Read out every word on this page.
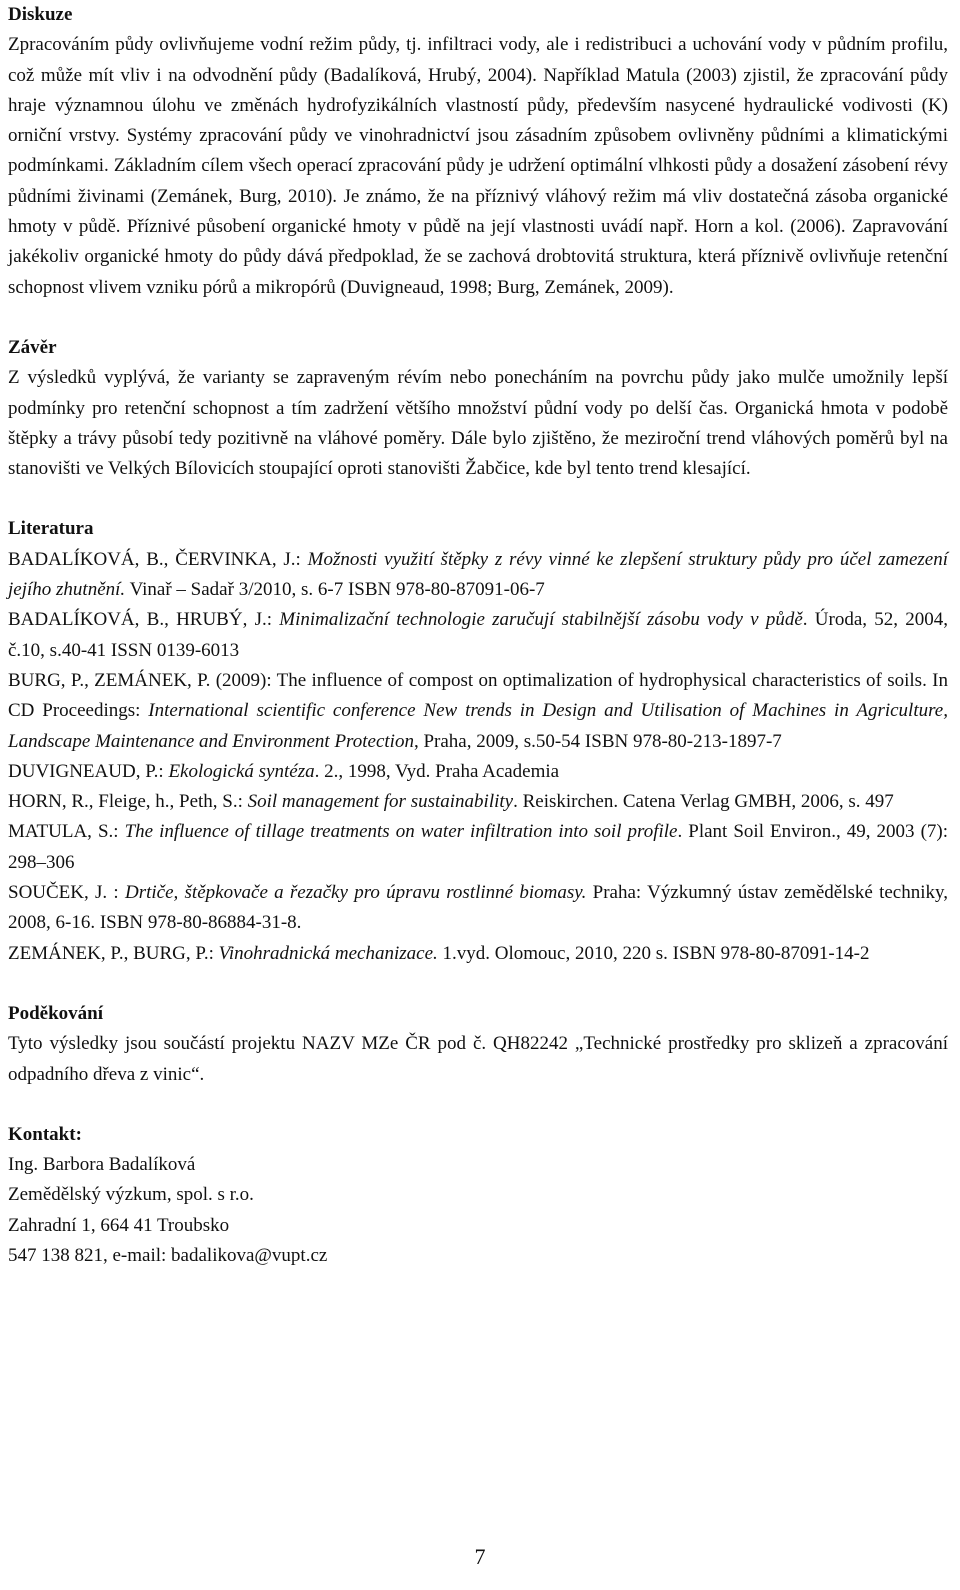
Diskuze

Zpracováním půdy ovlivňujeme vodní režim půdy, tj. infiltraci vody, ale i redistribuci a uchování vody v půdním profilu, což může mít vliv i na odvodnění půdy (Badalíková, Hrubý, 2004). Například Matula (2003) zjistil, že zpracování půdy hraje významnou úlohu ve změnách hydrofyzikálních vlastností půdy, především nasycené hydraulické vodivosti (K) orniční vrstvy. Systémy zpracování půdy ve vinohradnictví jsou zásadním způsobem ovlivněny půdními a klimatickými podmínkami. Základním cílem všech operací zpracování půdy je udržení optimální vlhkosti půdy a dosažení zásobení révy půdními živinami (Zemánek, Burg, 2010). Je známo, že na příznivý vláhový režim má vliv dostatečná zásoba organické hmoty v půdě. Příznivé působení organické hmoty v půdě na její vlastnosti uvádí např. Horn a kol. (2006). Zapravování jakékoliv organické hmoty do půdy dává předpoklad, že se zachová drobtovitá struktura, která příznivě ovlivňuje retenční schopnost vlivem vzniku pórů a mikropórů (Duvigneaud, 1998; Burg, Zemánek, 2009).

Závěr

Z výsledků vyplývá, že varianty se zapraveným révím nebo ponecháním na povrchu půdy jako mulče umožnily lepší podmínky pro retenční schopnost a tím zadržení většího množství půdní vody po delší čas. Organická hmota v podobě štěpky a trávy působí tedy pozitivně na vláhové poměry. Dále bylo zjištěno, že meziroční trend vláhových poměrů byl na stanovišti ve Velkých Bílovicích stoupající oproti stanovišti Žabčice, kde byl tento trend klesající.

Literatura

BADALÍKOVÁ, B., ČERVINKA, J.: Možnosti využití štěpky z révy vinné ke zlepšení struktury půdy pro účel zamezení jejího zhutnění. Vinař – Sadař 3/2010, s. 6-7 ISBN 978-80-87091-06-7

BADALÍKOVÁ, B., HRUBÝ, J.: Minimalizační technologie zaručují stabilnější zásobu vody v půdě. Úroda, 52, 2004, č.10, s.40-41 ISSN 0139-6013

BURG, P., ZEMÁNEK, P. (2009): The influence of compost on optimalization of hydrophysical characteristics of soils. In CD Proceedings: International scientific conference New trends in Design and Utilisation of Machines in Agriculture, Landscape Maintenance and Environment Protection, Praha, 2009, s.50-54 ISBN 978-80-213-1897-7

DUVIGNEAUD, P.: Ekologická syntéza. 2., 1998, Vyd. Praha Academia

HORN, R., Fleige, h., Peth, S.: Soil management for sustainability. Reiskirchen. Catena Verlag GMBH, 2006, s. 497

MATULA, S.: The influence of tillage treatments on water infiltration into soil profile. Plant Soil Environ., 49, 2003 (7): 298–306

SOUČEK, J. : Drtiče, štěpkovače a řezačky pro úpravu rostlinné biomasy. Praha: Výzkumný ústav zemědělské techniky, 2008, 6-16. ISBN 978-80-86884-31-8.

ZEMÁNEK, P., BURG, P.: Vinohradnická mechanizace. 1.vyd. Olomouc, 2010, 220 s. ISBN 978-80-87091-14-2

Poděkování

Tyto výsledky jsou součástí projektu NAZV MZe ČR pod č. QH82242 „Technické prostředky pro sklizeň a zpracování odpadního dřeva z vinic“.

Kontakt:

Ing. Barbora Badalíková

Zemědělský výzkum, spol. s r.o.

Zahradní 1, 664 41 Troubsko

547 138 821, e-mail: badalikova@vupt.cz

7
